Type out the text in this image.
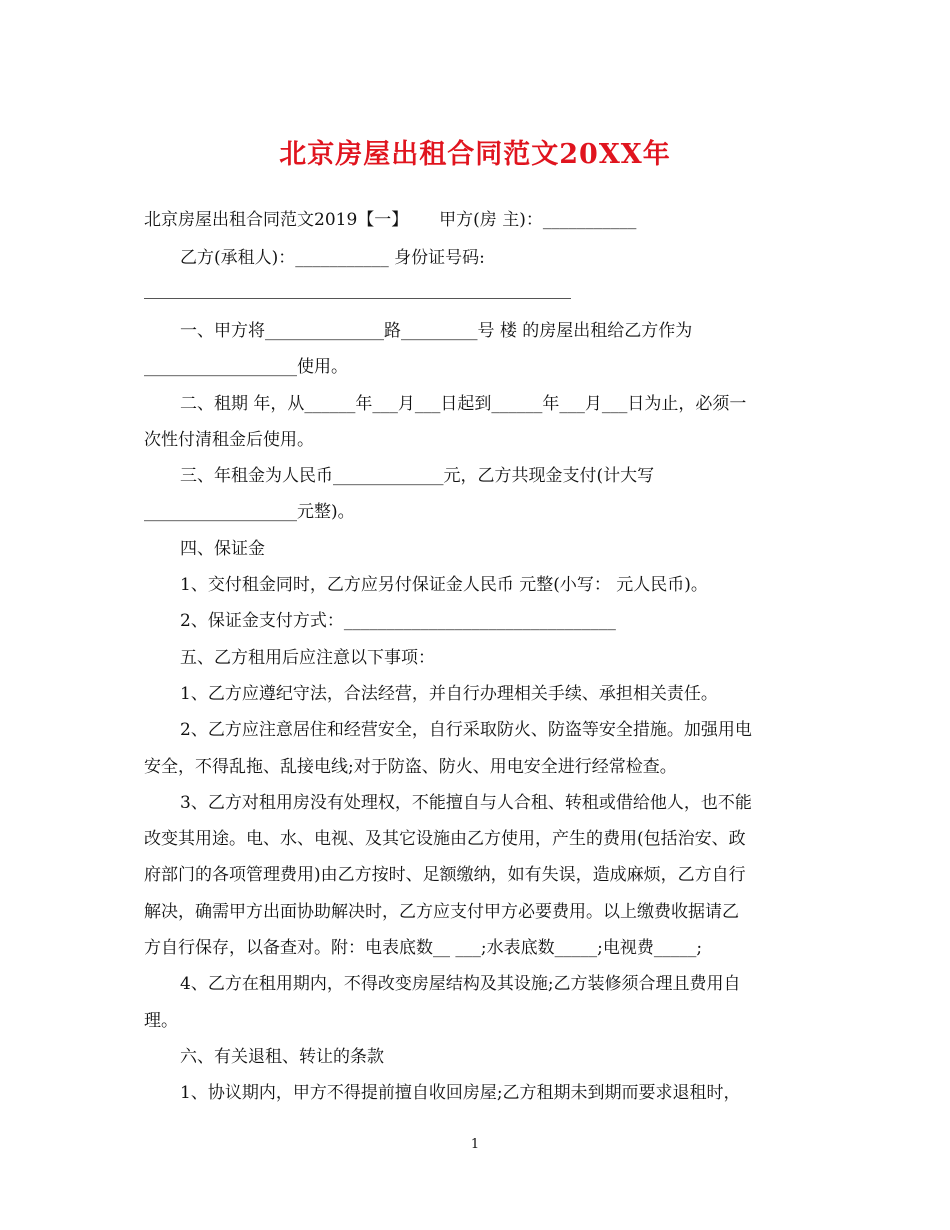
北京房屋出租合同范文20XX年

北京房屋出租合同范文2019【一】　　 甲方(房 主)：___________

乙方(承租人)：___________ 身份证号码:

一、甲方将______________路_________号 楼 的房屋出租给乙方作为

__________________使用。

二、租期 年，从______年___月___日起到______年___月___日为止，必须一

次性付清租金后使用。

三、年租金为人民币_____________元，乙方共现金支付(计大写

__________________元整)。

四、保证金

1、交付租金同时，乙方应另付保证金人民币 元整(小写： 元人民币)。

2、保证金支付方式：________________________________

五、乙方租用后应注意以下事项：

1、乙方应遵纪守法，合法经营，并自行办理相关手续、承担相关责任。

2、乙方应注意居住和经营安全，自行采取防火、防盗等安全措施。加强用电

安全，不得乱拖、乱接电线;对于防盗、防火、用电安全进行经常检查。

3、乙方对租用房没有处理权，不能擅自与人合租、转租或借给他人，也不能

改变其用途。电、水、电视、及其它设施由乙方使用，产生的费用(包括治安、政

府部门的各项管理费用)由乙方按时、足额缴纳，如有失误，造成麻烦，乙方自行

解决，确需甲方出面协助解决时，乙方应支付甲方必要费用。以上缴费收据请乙

方自行保存，以备查对。附：电表底数__ ___;水表底数_____;电视费_____;

4、乙方在租用期内，不得改变房屋结构及其设施;乙方装修须合理且费用自

理。

六、有关退租、转让的条款

1、协议期内，甲方不得提前擅自收回房屋;乙方租期未到期而要求退租时，

1
